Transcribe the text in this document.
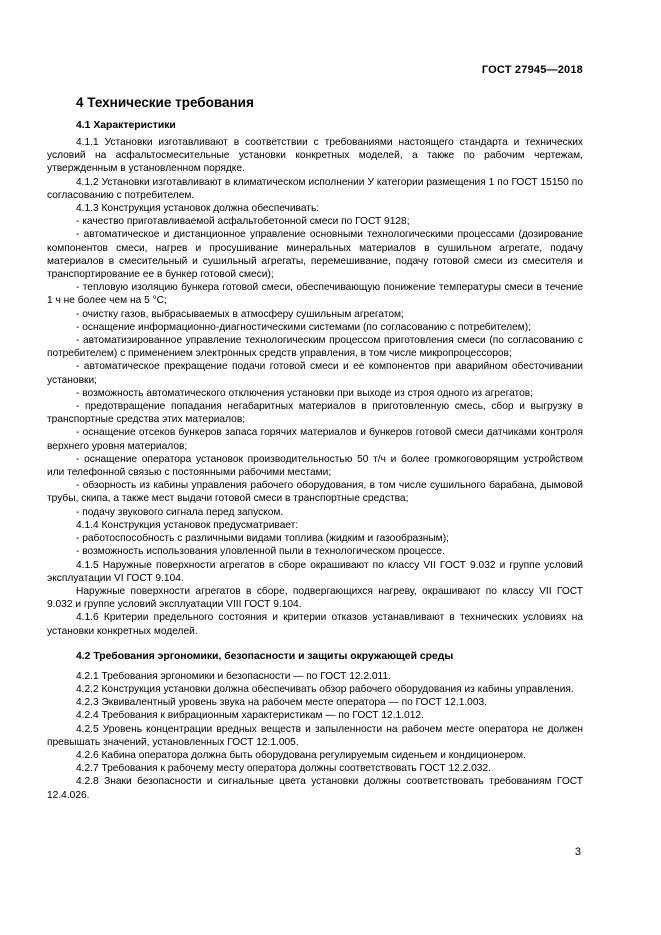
ГОСТ 27945—2018
4 Технические требования
4.1 Характеристики

4.1.1 Установки изготавливают в соответствии с требованиями настоящего стандарта и технических условий на асфальтосмесительные установки конкретных моделей, а также по рабочим чертежам, утвержденным в установленном порядке.

4.1.2 Установки изготавливают в климатическом исполнении У категории размещения 1 по ГОСТ 15150 по согласованию с потребителем.

4.1.3 Конструкция установок должна обеспечивать:

- качество приготавливаемой асфальтобетонной смеси по ГОСТ 9128;

- автоматическое и дистанционное управление основными технологическими процессами (дозирование компонентов смеси, нагрев и просушивание минеральных материалов в сушильном агрегате, подачу материалов в смесительный и сушильный агрегаты, перемешивание, подачу готовой смеси из смесителя и транспортирование ее в бункер готовой смеси);

- тепловую изоляцию бункера готовой смеси, обеспечивающую понижение температуры смеси в течение 1 ч не более чем на 5 °С;

- очистку газов, выбрасываемых в атмосферу сушильным агрегатом;

- оснащение информационно-диагностическими системами (по согласованию с потребителем);

- автоматизированное управление технологическим процессом приготовления смеси (по согласованию с потребителем) с применением электронных средств управления, в том числе микропроцессоров;

- автоматическое прекращение подачи готовой смеси и ее компонентов при аварийном обесточивании установки;

- возможность автоматического отключения установки при выходе из строя одного из агрегатов;

- предотвращение попадания негабаритных материалов в приготовленную смесь, сбор и выгрузку в транспортные средства этих материалов;

- оснащение отсеков бункеров запаса горячих материалов и бункеров готовой смеси датчиками контроля верхнего уровня материалов;

- оснащение оператора установок производительностью 50 т/ч и более громкоговорящим устройством или телефонной связью с постоянными рабочими местами;

- обзорность из кабины управления рабочего оборудования, в том числе сушильного барабана, дымовой трубы, скипа, а также мест выдачи готовой смеси в транспортные средства;

- подачу звукового сигнала перед запуском.

4.1.4 Конструкция установок предусматривает:

- работоспособность с различными видами топлива (жидким и газообразным);

- возможность использования уловленной пыли в технологическом процессе.

4.1.5 Наружные поверхности агрегатов в сборе окрашивают по классу VII ГОСТ 9.032 и группе условий эксплуатации VI ГОСТ 9.104.

Наружные поверхности агрегатов в сборе, подвергающихся нагреву, окрашивают по классу VII ГОСТ 9.032 и группе условий эксплуатации VIII ГОСТ 9.104.

4.1.6 Критерии предельного состояния и критерии отказов устанавливают в технических условиях на установки конкретных моделей.

4.2 Требования эргономики, безопасности и защиты окружающей среды

4.2.1 Требования эргономики и безопасности — по ГОСТ 12.2.011.

4.2.2 Конструкция установки должна обеспечивать обзор рабочего оборудования из кабины управления.

4.2.3 Эквивалентный уровень звука на рабочем месте оператора — по ГОСТ 12.1.003.

4.2.4 Требования к вибрационным характеристикам — по ГОСТ 12.1.012.

4.2.5 Уровень концентрации вредных веществ и запыленности на рабочем месте оператора не должен превышать значений, установленных ГОСТ 12.1.005.

4.2.6 Кабина оператора должна быть оборудована регулируемым сиденьем и кондиционером.

4.2.7 Требования к рабочему месту оператора должны соответствовать ГОСТ 12.2.032.

4.2.8 Знаки безопасности и сигнальные цвета установки должны соответствовать требованиям ГОСТ 12.4.026.

3
